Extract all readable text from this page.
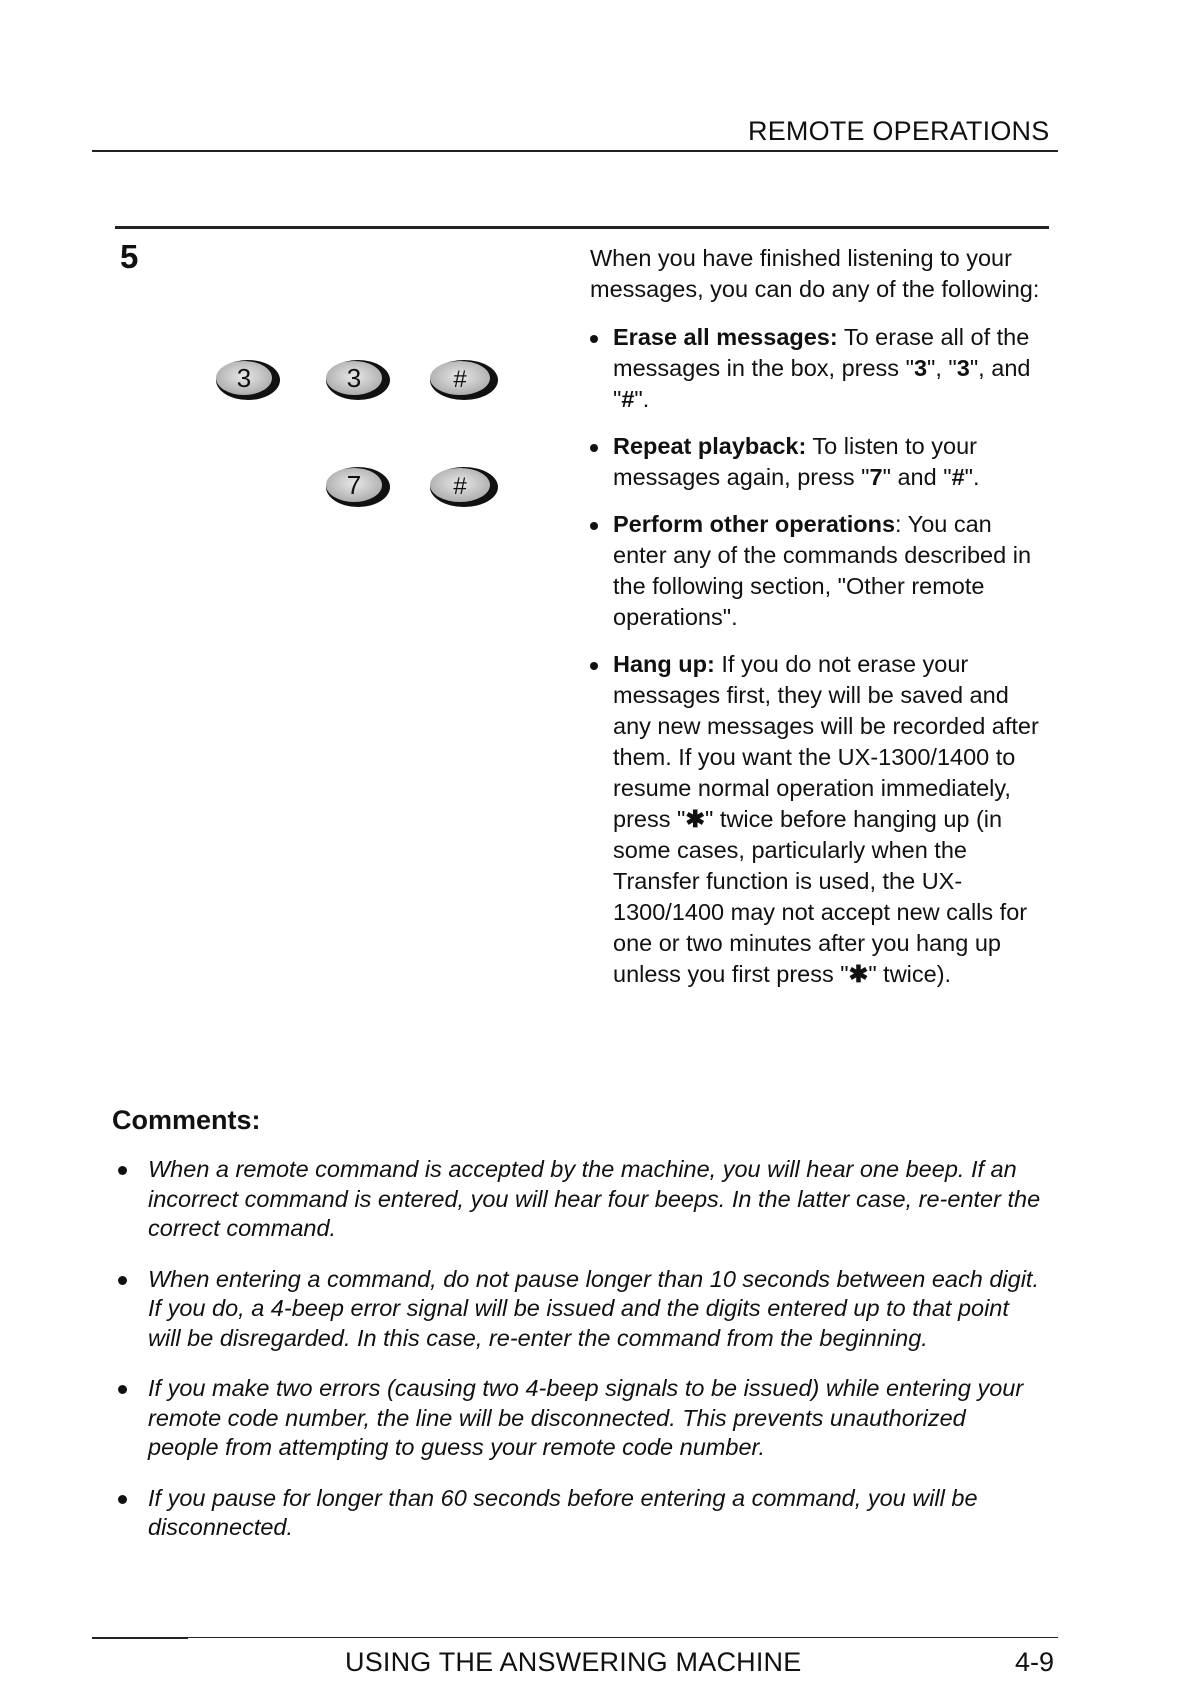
REMOTE OPERATIONS
5
3	3	#
7	#

When you have finished listening to your messages, you can do any of the following:

Erase all messages: To erase all of the messages in the box, press "3", "3", and "#".
Repeat playback: To listen to your messages again, press "7" and "#".
Perform other operations: You can enter any of the commands described in the following section, "Other remote operations".
Hang up: If you do not erase your messages first, they will be saved and any new messages will be recorded after them. If you want the UX-1300/1400 to resume normal operation immediately, press "✱" twice before hanging up (in some cases, particularly when the Transfer function is used, the UX-1300/1400 may not accept new calls for one or two minutes after you hang up unless you first press "✱" twice).
Comments:
When a remote command is accepted by the machine, you will hear one beep. If an incorrect command is entered, you will hear four beeps. In the latter case, re-enter the correct command.
When entering a command, do not pause longer than 10 seconds between each digit. If you do, a 4-beep error signal will be issued and the digits entered up to that point will be disregarded. In this case, re-enter the command from the beginning.
If you make two errors (causing two 4-beep signals to be issued) while entering your remote code number, the line will be disconnected. This prevents unauthorized people from attempting to guess your remote code number.
If you pause for longer than 60 seconds before entering a command, you will be disconnected.
USING THE ANSWERING MACHINE	4-9
